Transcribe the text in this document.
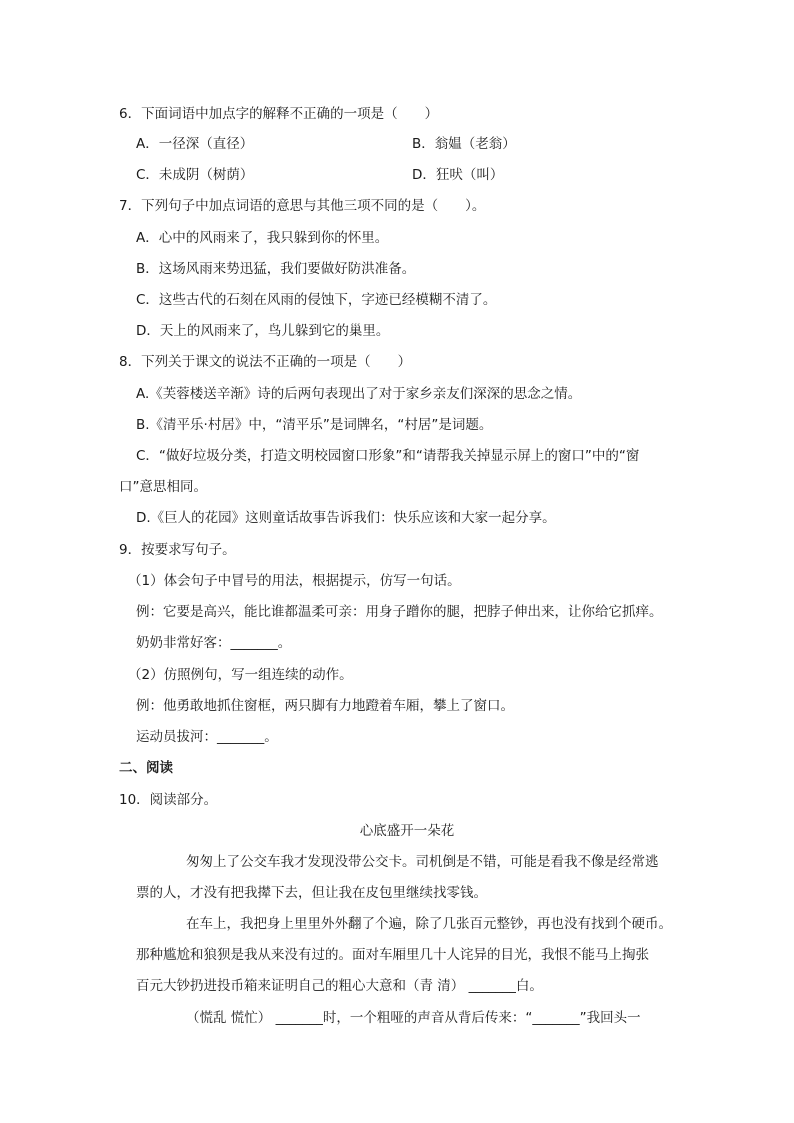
6．下面词语中加点字的解释不正确的一项是（　　）
A．一径深（直径）	B．翁媪（老翁）
C．未成阴（树荫）	D．狂吠（叫）
7．下列句子中加点词语的意思与其他三项不同的是（　　）。
A．心中的风雨来了，我只躲到你的怀里。
B．这场风雨来势迅猛，我们要做好防洪准备。
C．这些古代的石刻在风雨的侵蚀下，字迹已经模糊不清了。
D．天上的风雨来了，鸟儿躲到它的巢里。
8．下列关于课文的说法不正确的一项是（　　）
A.《芙蓉楼送辛渐》诗的后两句表现出了对于家乡亲友们深深的思念之情。
B.《清平乐·村居》中，“清平乐”是词牌名，“村居”是词题。
C．“做好垃圾分类，打造文明校园窗口形象”和“请帮我关掉显示屏上的窗口”中的“窗
口”意思相同。
D.《巨人的花园》这则童话故事告诉我们：快乐应该和大家一起分享。
9．按要求写句子。
（1）体会句子中冒号的用法，根据提示，仿写一句话。
例：它要是高兴，能比谁都温柔可亲：用身子蹭你的腿，把脖子伸出来，让你给它抓痒。
奶奶非常好客：_______。
（2）仿照例句，写一组连续的动作。
例：他勇敢地抓住窗框，两只脚有力地蹬着车厢，攀上了窗口。
运动员拔河：_______。
二、阅读
10．阅读部分。
心底盛开一朵花
匆匆上了公交车我才发现没带公交卡。司机倒是不错，可能是看我不像是经常逃
票的人，才没有把我撵下去，但让我在皮包里继续找零钱。
在车上，我把身上里里外外翻了个遍，除了几张百元整钞，再也没有找到个硬币。
那种尴尬和狼狈是我从来没有过的。面对车厢里几十人诧异的目光，我恨不能马上掏张
百元大钞扔进投币箱来证明自己的粗心大意和（青 清） _______白。
（慌乱 慌忙） _______时，一个粗哑的声音从背后传来：“_______”我回头一
